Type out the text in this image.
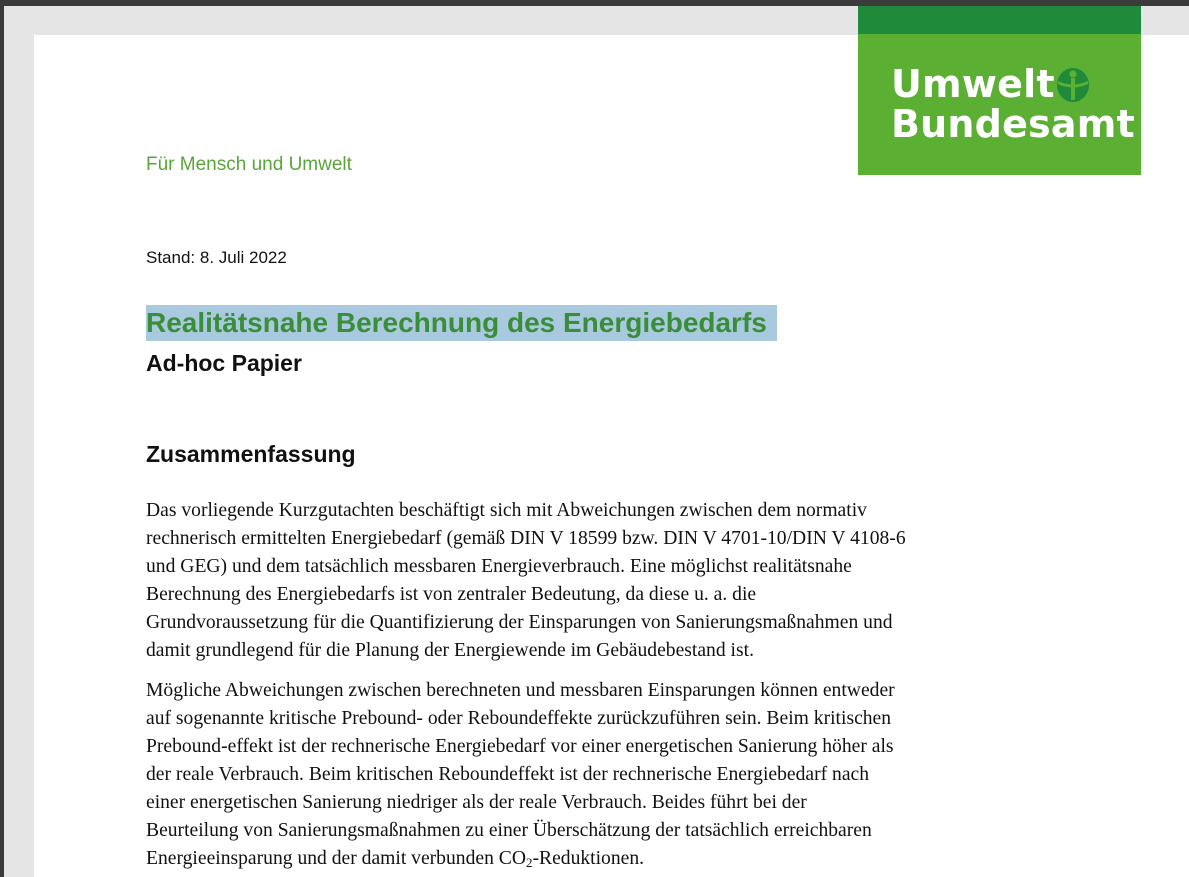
Umwelt
Bundesamt
Für Mensch und Umwelt
Stand: 8. Juli 2022
Realitätsnahe Berechnung des Energiebedarfs
Ad-hoc Papier
Zusammenfassung
Das vorliegende Kurzgutachten beschäftigt sich mit Abweichungen zwischen dem normativ
rechnerisch ermittelten Energiebedarf (gemäß DIN V 18599 bzw. DIN V 4701-10/DIN V 4108-6
und GEG) und dem tatsächlich messbaren Energieverbrauch. Eine möglichst realitätsnahe
Berechnung des Energiebedarfs ist von zentraler Bedeutung, da diese u. a. die
Grundvoraussetzung für die Quantifizierung der Einsparungen von Sanierungsmaßnahmen und
damit grundlegend für die Planung der Energiewende im Gebäudebestand ist.
Mögliche Abweichungen zwischen berechneten und messbaren Einsparungen können entweder
auf sogenannte kritische Prebound- oder Reboundeffekte zurückzuführen sein. Beim kritischen
Prebound-effekt ist der rechnerische Energiebedarf vor einer energetischen Sanierung höher als
der reale Verbrauch. Beim kritischen Reboundeffekt ist der rechnerische Energiebedarf nach
einer energetischen Sanierung niedriger als der reale Verbrauch. Beides führt bei der
Beurteilung von Sanierungsmaßnahmen zu einer Überschätzung der tatsächlich erreichbaren
Energieeinsparung und der damit verbunden $CO_2$-Reduktionen.
